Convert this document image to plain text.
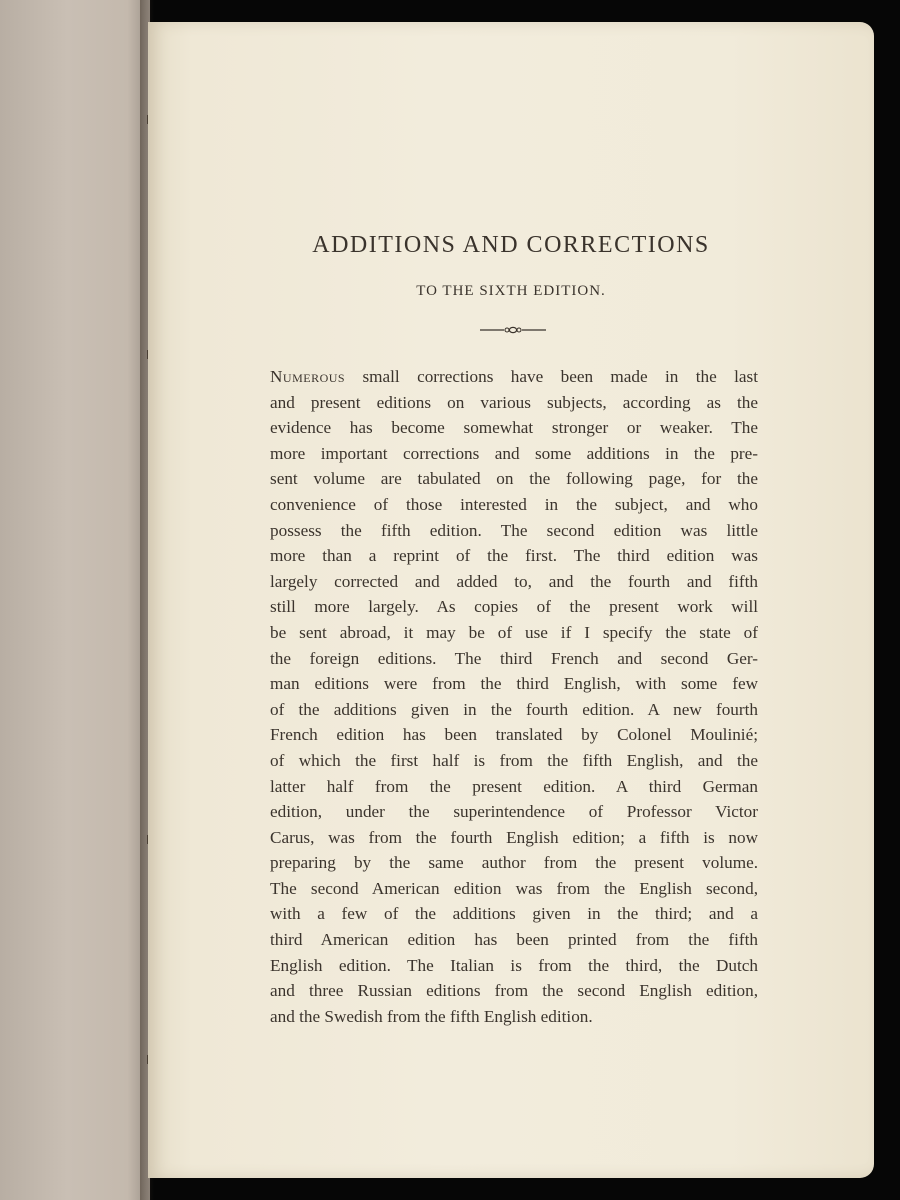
ADDITIONS AND CORRECTIONS
TO THE SIXTH EDITION.
Numerous small corrections have been made in the last
and present editions on various subjects, according as the
evidence has become somewhat stronger or weaker. The
more important corrections and some additions in the pre-
sent volume are tabulated on the following page, for the
convenience of those interested in the subject, and who
possess the fifth edition. The second edition was little
more than a reprint of the first. The third edition was
largely corrected and added to, and the fourth and fifth
still more largely. As copies of the present work will
be sent abroad, it may be of use if I specify the state of
the foreign editions. The third French and second Ger-
man editions were from the third English, with some few
of the additions given in the fourth edition. A new fourth
French edition has been translated by Colonel Moulinié;
of which the first half is from the fifth English, and the
latter half from the present edition. A third German
edition, under the superintendence of Professor Victor
Carus, was from the fourth English edition; a fifth is now
preparing by the same author from the present volume.
The second American edition was from the English second,
with a few of the additions given in the third; and a
third American edition has been printed from the fifth
English edition. The Italian is from the third, the Dutch
and three Russian editions from the second English edition,
and the Swedish from the fifth English edition.
